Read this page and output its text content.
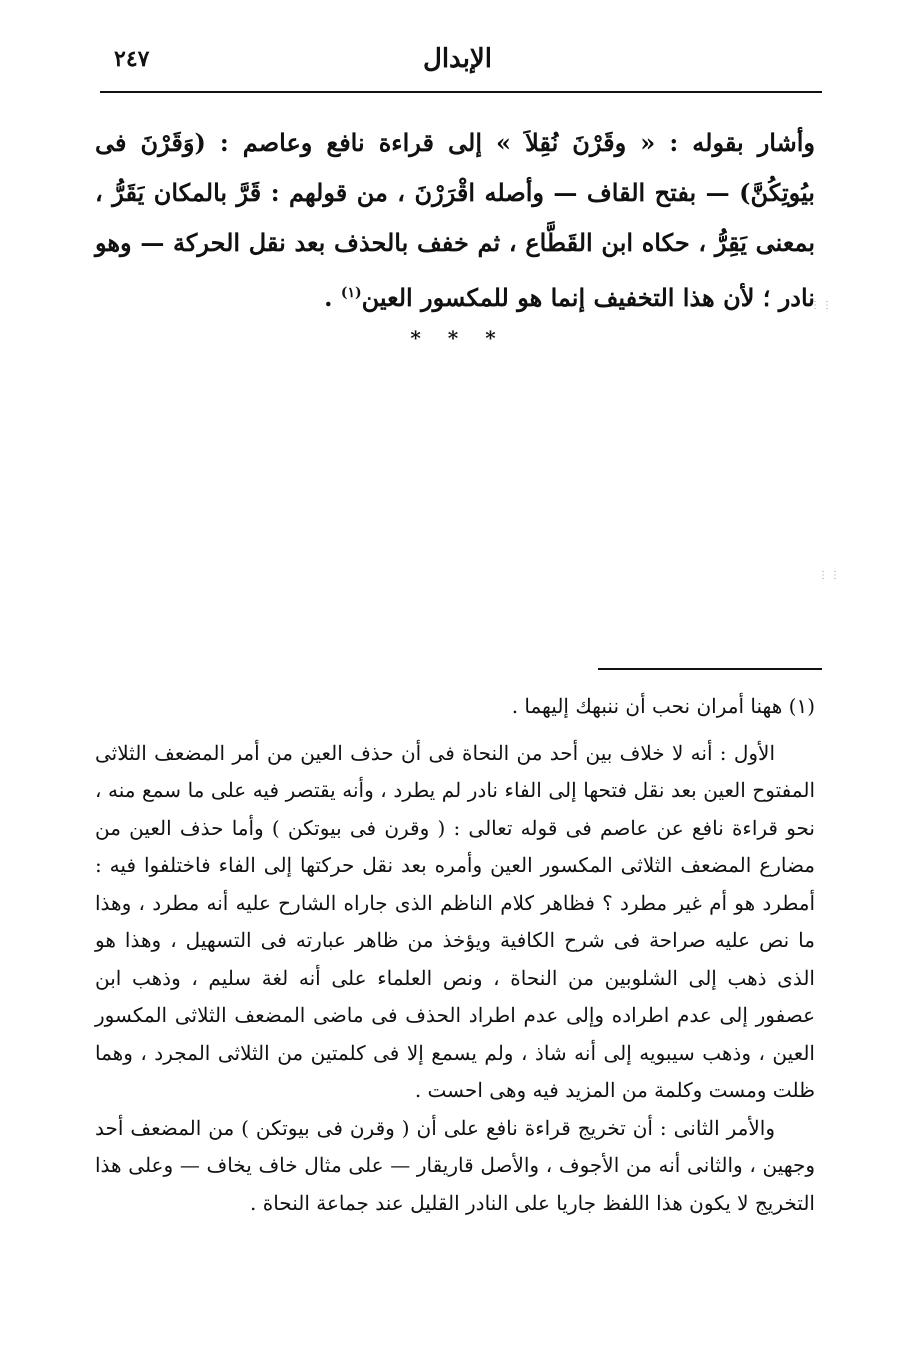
الإبدال
٢٤٧

وأشار بقوله : « وقَرْنَ نُقِلاَ » إلى قراءة نافع وعاصم : (وَقَرْنَ فى بيُوتِكُنَّ) — بفتح القاف — وأصله اقْرَرْنَ ، من قولهم : قَرَّ بالمكان يَقَرُّ ، بمعنى يَقِرُّ ، حكاه ابن القَطَّاع ، ثم خفف بالحذف بعد نقل الحركة — وهو نادر ؛ لأن هذا التخفيف إنما هو للمكسور العين$^{(١)}$ .

* * *
⋮⋮
⋮⋮

(١) ههنا أمران نحب أن ننبهك إليهما .

الأول : أنه لا خلاف بين أحد من النحاة فى أن حذف العين من أمر المضعف الثلاثى المفتوح العين بعد نقل فتحها إلى الفاء نادر لم يطرد ، وأنه يقتصر فيه على ما سمع منه ، نحو قراءة نافع عن عاصم فى قوله تعالى : ( وقرن فى بيوتكن ) وأما حذف العين من مضارع المضعف الثلاثى المكسور العين وأمره بعد نقل حركتها إلى الفاء فاختلفوا فيه : أمطرد هو أم غير مطرد ؟ فظاهر كلام الناظم الذى جاراه الشارح عليه أنه مطرد ، وهذا ما نص عليه صراحة فى شرح الكافية ويؤخذ من ظاهر عبارته فى التسهيل ، وهذا هو الذى ذهب إلى الشلوبين من النحاة ، ونص العلماء على أنه لغة سليم ، وذهب ابن عصفور إلى عدم اطراده وإلى عدم اطراد الحذف فى ماضى المضعف الثلاثى المكسور العين ، وذهب سيبويه إلى أنه شاذ ، ولم يسمع إلا فى كلمتين من الثلاثى المجرد ، وهما ظلت ومست وكلمة من المزيد فيه وهى احست .

والأمر الثانى : أن تخريج قراءة نافع على أن ( وقرن فى بيوتكن ) من المضعف أحد وجهين ، والثانى أنه من الأجوف ، والأصل قاريقار — على مثال خاف يخاف — وعلى هذا التخريج لا يكون هذا اللفظ جاريا على النادر القليل عند جماعة النحاة .
